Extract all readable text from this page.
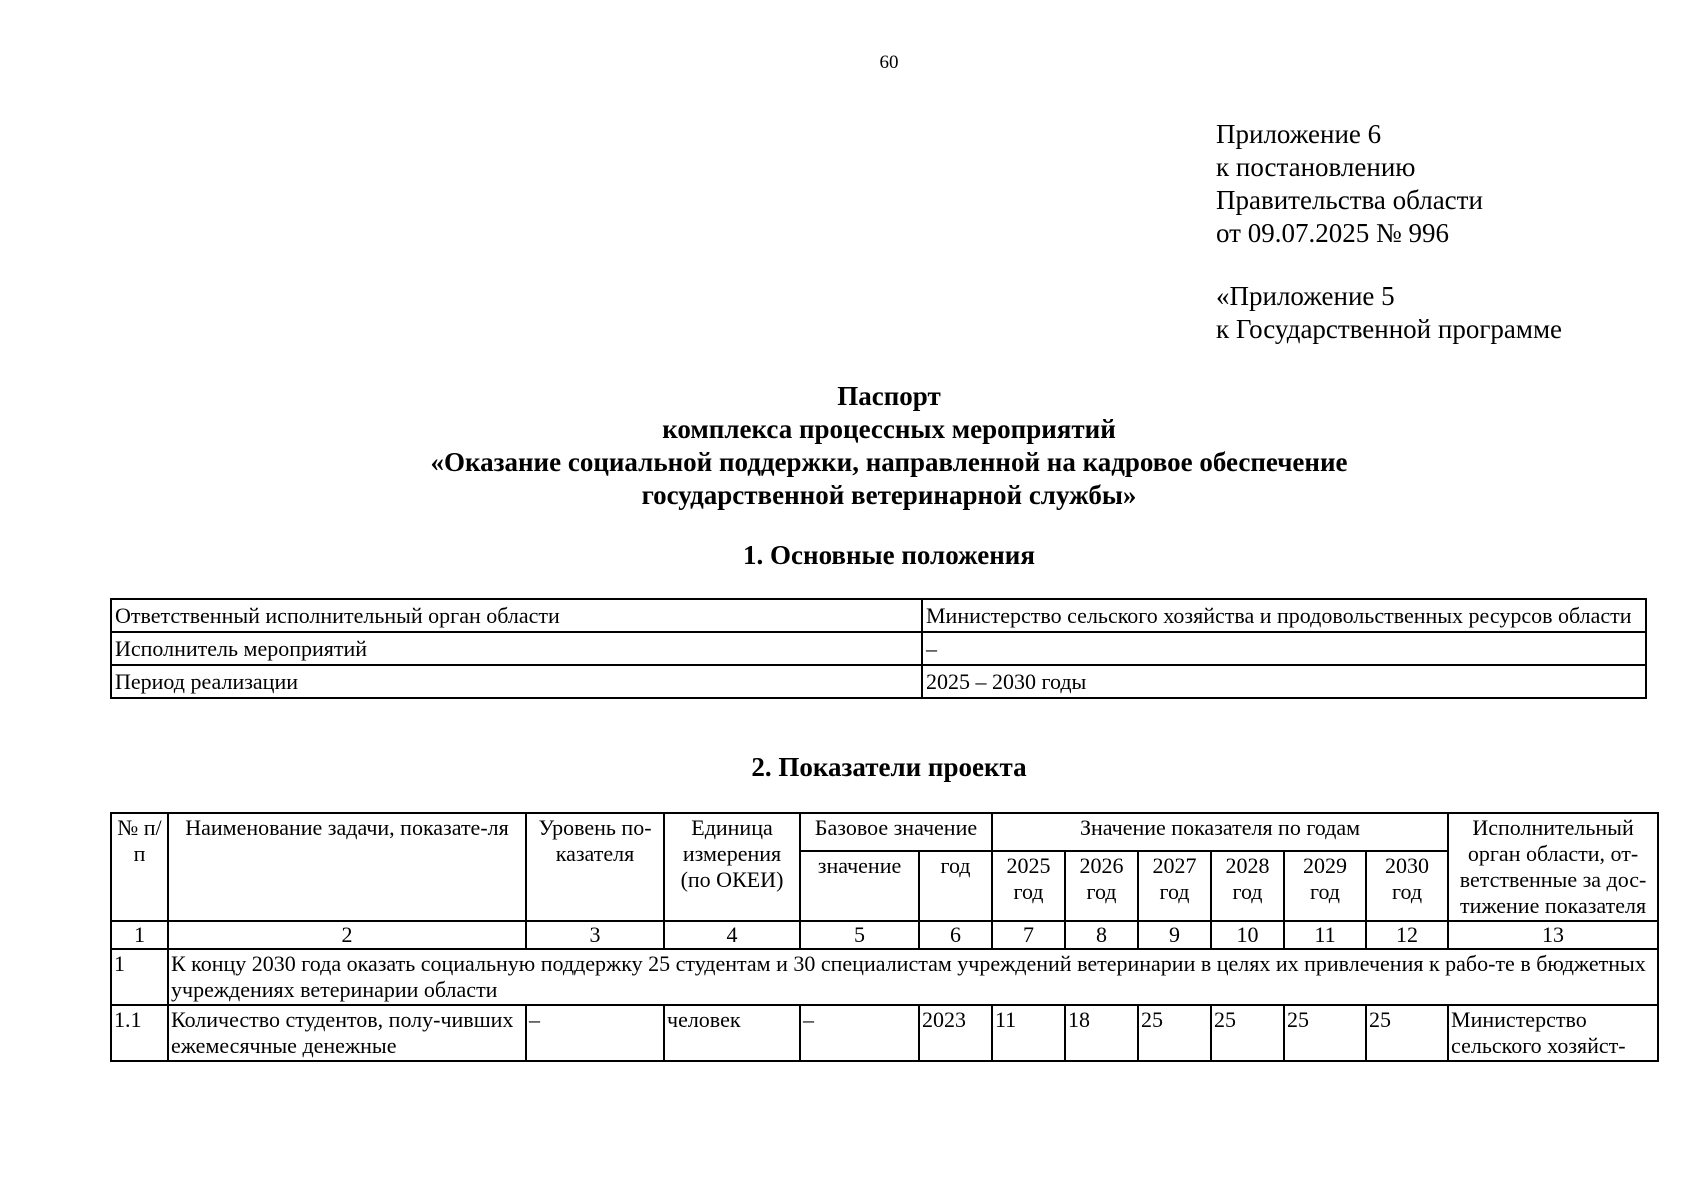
60
Приложение 6
к постановлению
Правительства области
от 09.07.2025 № 996
«Приложение 5
к Государственной программе
Паспорт
комплекса процессных мероприятий
«Оказание социальной поддержки, направленной на кадровое обеспечение
государственной ветеринарной службы»
1. Основные положения
Ответственный исполнительный орган области	Министерство сельского хозяйства и продовольственных ресурсов области
Исполнитель мероприятий	–
Период реализации	2025 – 2030 годы
2. Показатели проекта
№ п/п	Наименование задачи, показате-ля	Уровень по-казателя	Единица измерения (по ОКЕИ)	Базовое значение		Значение показателя по годам						Исполнительный орган области, от-ветственные за дос-тижение показателя
				значение	год	2025 год	2026 год	2027 год	2028 год	2029 год	2030 год	
1	2	3	4	5	6	7	8	9	10	11	12	13
1	К концу 2030 года оказать социальную поддержку 25 студентам и 30 специалистам учреждений ветеринарии в целях их привлечения к рабо-те в бюджетных учреждениях ветеринарии области											
1.1	Количество студентов, полу-чивших ежемесячные денежные	–	человек	–	2023	11	18	25	25	25	25	Министерство сельского хозяйст-
